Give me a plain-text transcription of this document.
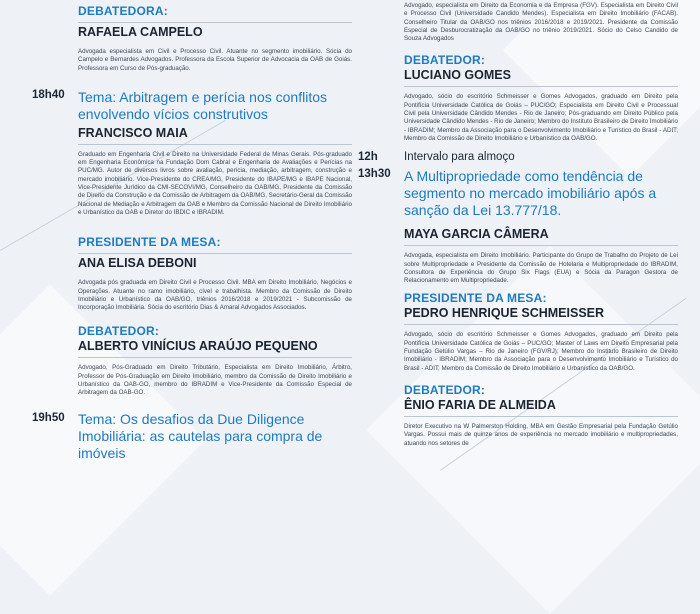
DEBATEDORA:
RAFAELA CAMPELO
Advogada especialista em Civil e Processo Civil. Atuante no segmento imobiliário. Sócia do Campelo e Bernardes Advogados. Professora da Escola Superior de Advocacia da OAB de Goiás. Professora em Curso de Pós-graduação.
18h40 Tema: Arbitragem e perícia nos conflitos envolvendo vícios construtivos
FRANCISCO MAIA
Graduado em Engenharia Civil e Direito na Universidade Federal de Minas Gerais. Pós-graduado em Engenharia Econômica na Fundação Dom Cabral e Engenharia de Avaliações e Perícias na PUC/MG. Autor de diversos livros sobre avaliação, perícia, mediação, arbitragem, construção e mercado imobiliário. Vice-Presidente do CREA/MG, Presidente do IBAPE/MG e IBAPE Nacional, Vice-Presidente Jurídico da CMI-SECOVI/MG, Conselheiro da OAB/MG, Presidente da Comissão de Direito da Construção e da Comissão de Arbitragem da OAB/MG, Secretário-Geral da Comissão Nacional de Mediação e Arbitragem da OAB e Membro da Comissão Nacional de Direito Imobiliário e Urbanístico da OAB e Diretor do IBDIC e IBRADIM.
PRESIDENTE DA MESA:
ANA ELISA DEBONI
Advogada pós graduada em Direito Civil e Processo Civil. MBA em Direito Imobiliário, Negócios e Operações. Atuante no ramo imobiliário, cível e trabalhista. Membro da Comissão de Direito Imobiliário e Urbanístico da OAB/GO, triênios 2016/2018 e 2019/2021 - Subcomissão de Incorporação Imobiliária. Sócia do escritório Dias & Amaral Advogados Associados.
DEBATEDOR:
ALBERTO VINÍCIUS ARAÚJO PEQUENO
Advogado, Pós-Graduado em Direito Tributário, Especialista em Direito Imobiliário, Árbitro, Professor de Pós-Graduação em Direito Imobiliário, membro da Comissão de Direito Imobiliário e Urbanístico da OAB-GO, membro do IBRADIM e Vice-Presidente da Comissão Especial de Arbitragem da OAB-GO.
19h50 Tema: Os desafios da Due Diligence Imobiliária: as cautelas para compra de imóveis
Advogado, especialista em Direito da Economia e da Empresa (FGV). Especialista em Direito Civil e Processo Civil (Universidade Candido Mendes). Especialista em Direito Imobiliário (FACAB). Conselheiro Titular da OAB/GO nos triênios 2016/2018 e 2019/2021. Presidente da Comissão Especial de Desburocratização da OAB/GO no triênio 2019/2021. Sócio do Celso Candido de Souza Advogados
DEBATEDOR:
LUCIANO GOMES
Advogado, sócio do escritório Schmeisser e Gomes Advogados, graduado em Direito pela Pontifícia Universidade Católica de Goiás – PUC/GO; Especialista em Direito Civil e Processual Civil pela Universidade Cândido Mendes - Rio de Janeiro; Pós-graduando em Direito Público pela Universidade Cândido Mendes - Rio de Janeiro; Membro do Instituto Brasileiro de Direito Imobiliário - IBRADIM; Membro da Associação para o Desenvolvimento Imobiliário e Turístico do Brasil - ADIT; Membro da Comissão de Direito Imobiliário e Urbanístico da OAB/GO.
12h Intervalo para almoço
13h30 A Multipropriedade como tendência de segmento no mercado imobiliário após a sanção da Lei 13.777/18.
MAYA GARCIA CÂMERA
Advogada, especialista em Direito Imobiliário. Participante do Grupo de Trabalho do Projeto de Lei sobre Multipropriedade e Presidente da Comissão de Hotelaria e Multipropriedade do IBRADIM, Consultora de Experiência do Grupo Six Flags (EUA) e Sócia da Paragon Gestora de Relacionamento em Multipropriedade.
PRESIDENTE DA MESA:
PEDRO HENRIQUE SCHMEISSER
Advogado, sócio do escritório Schmeisser e Gomes Advogados, graduado em Direito pela Pontifícia Universidade Católica de Goiás – PUC/GO; Master of Laws em Direito Empresarial pela Fundação Getúlio Vargas – Rio de Janeiro (FGV/RJ); Membro do Instituto Brasileiro de Direito Imobiliário - IBRADIM; Membro da Associação para o Desenvolvimento Imobiliário e Turístico do Brasil - ADIT; Membro da Comissão de Direito Imobiliário e Urbanístico da OAB/GO.
DEBATEDOR:
ÊNIO FARIA DE ALMEIDA
Diretor Executivo na W Palmerston Holding, MBA em Gestão Empresarial pela Fundação Getúlio Vargas. Possui mais de quinze anos de experiência no mercado imobiliário e multipropriedades, atuando nos setores de
